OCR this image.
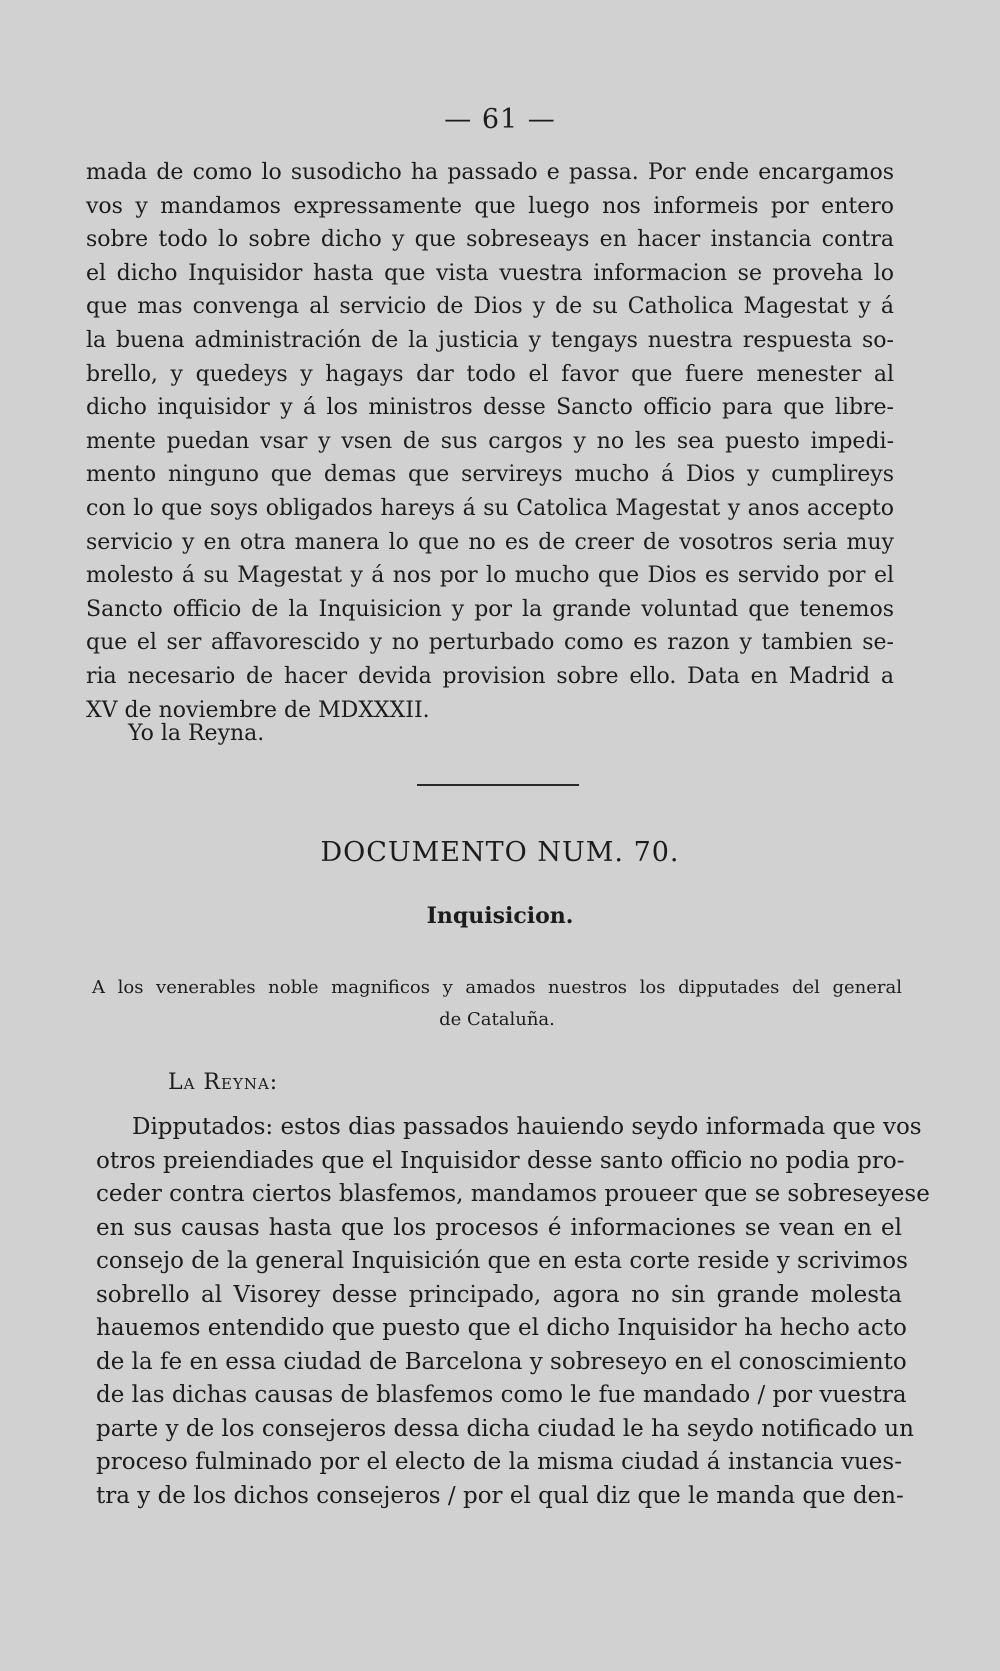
— 61 —

mada de como lo susodicho ha passado e passa. Por ende encargamos
vos y mandamos expressamente que luego nos informeis por entero
sobre todo lo sobre dicho y que sobreseays en hacer instancia contra
el dicho Inquisidor hasta que vista vuestra informacion se proveha lo
que mas convenga al servicio de Dios y de su Catholica Magestat y á
la buena administración de la justicia y tengays nuestra respuesta so-
brello, y quedeys y hagays dar todo el favor que fuere menester al
dicho inquisidor y á los ministros desse Sancto officio para que libre-
mente puedan vsar y vsen de sus cargos y no les sea puesto impedi-
mento ninguno que demas que servireys mucho á Dios y cumplireys
con lo que soys obligados hareys á su Catolica Magestat y anos accepto
servicio y en otra manera lo que no es de creer de vosotros seria muy
molesto á su Magestat y á nos por lo mucho que Dios es servido por el
Sancto officio de la Inquisicion y por la grande voluntad que tenemos
que el ser affavorescido y no perturbado como es razon y tambien se-
ria necesario de hacer devida provision sobre ello. Data en Madrid a
XV de noviembre de MDXXXII.

Yo la Reyna.
DOCUMENTO NUM. 70.
Inquisicion.

A los venerables noble magnificos y amados nuestros los dipputades del general
de Cataluña.

La Reyna:

Dipputados: estos dias passados hauiendo seydo informada que vos
otros preiendiades que el Inquisidor desse santo officio no podia pro-
ceder contra ciertos blasfemos, mandamos proueer que se sobreseyese
en sus causas hasta que los procesos é informaciones se vean en el
consejo de la general Inquisición que en esta corte reside y scrivimos
sobrello al Visorey desse principado, agora no sin grande molesta
hauemos entendido que puesto que el dicho Inquisidor ha hecho acto
de la fe en essa ciudad de Barcelona y sobreseyo en el conoscimiento
de las dichas causas de blasfemos como le fue mandado / por vuestra
parte y de los consejeros dessa dicha ciudad le ha seydo notificado un
proceso fulminado por el electo de la misma ciudad á instancia vues-
tra y de los dichos consejeros / por el qual diz que le manda que den-
